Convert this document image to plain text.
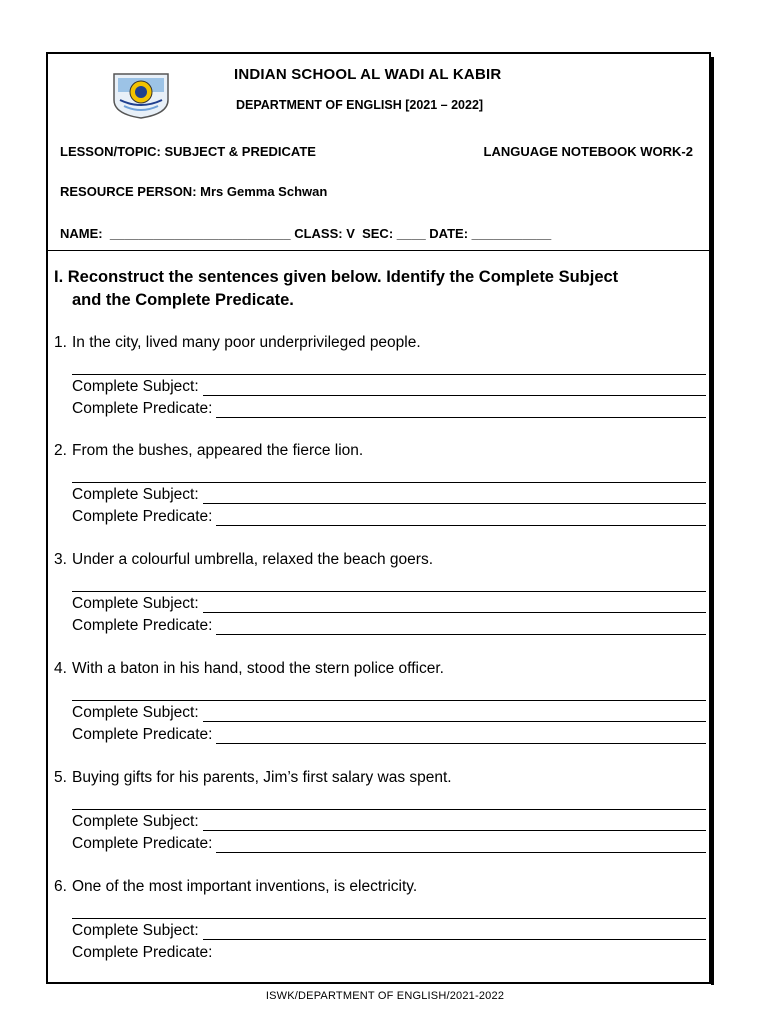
INDIAN SCHOOL AL WADI AL KABIR
DEPARTMENT OF ENGLISH [2021 – 2022]
LESSON/TOPIC: SUBJECT & PREDICATE	LANGUAGE NOTEBOOK WORK-2
RESOURCE PERSON: Mrs Gemma Schwan
NAME:  _________________________ CLASS: V  SEC: ____ DATE: ___________
I. Reconstruct the sentences given below. Identify the Complete Subject
and the Complete Predicate.
1. In the city, lived many poor underprivileged people.
Complete Subject:
Complete Predicate:
2. From the bushes, appeared the fierce lion.
Complete Subject:
Complete Predicate:
3. Under a colourful umbrella, relaxed the beach goers.
Complete Subject:
Complete Predicate:
4. With a baton in his hand, stood the stern police officer.
Complete Subject:
Complete Predicate:
5. Buying gifts for his parents, Jim’s first salary was spent.
Complete Subject:
Complete Predicate:
6. One of the most important inventions, is electricity.
Complete Subject:
Complete Predicate:
ISWK/DEPARTMENT OF ENGLISH/2021-2022
